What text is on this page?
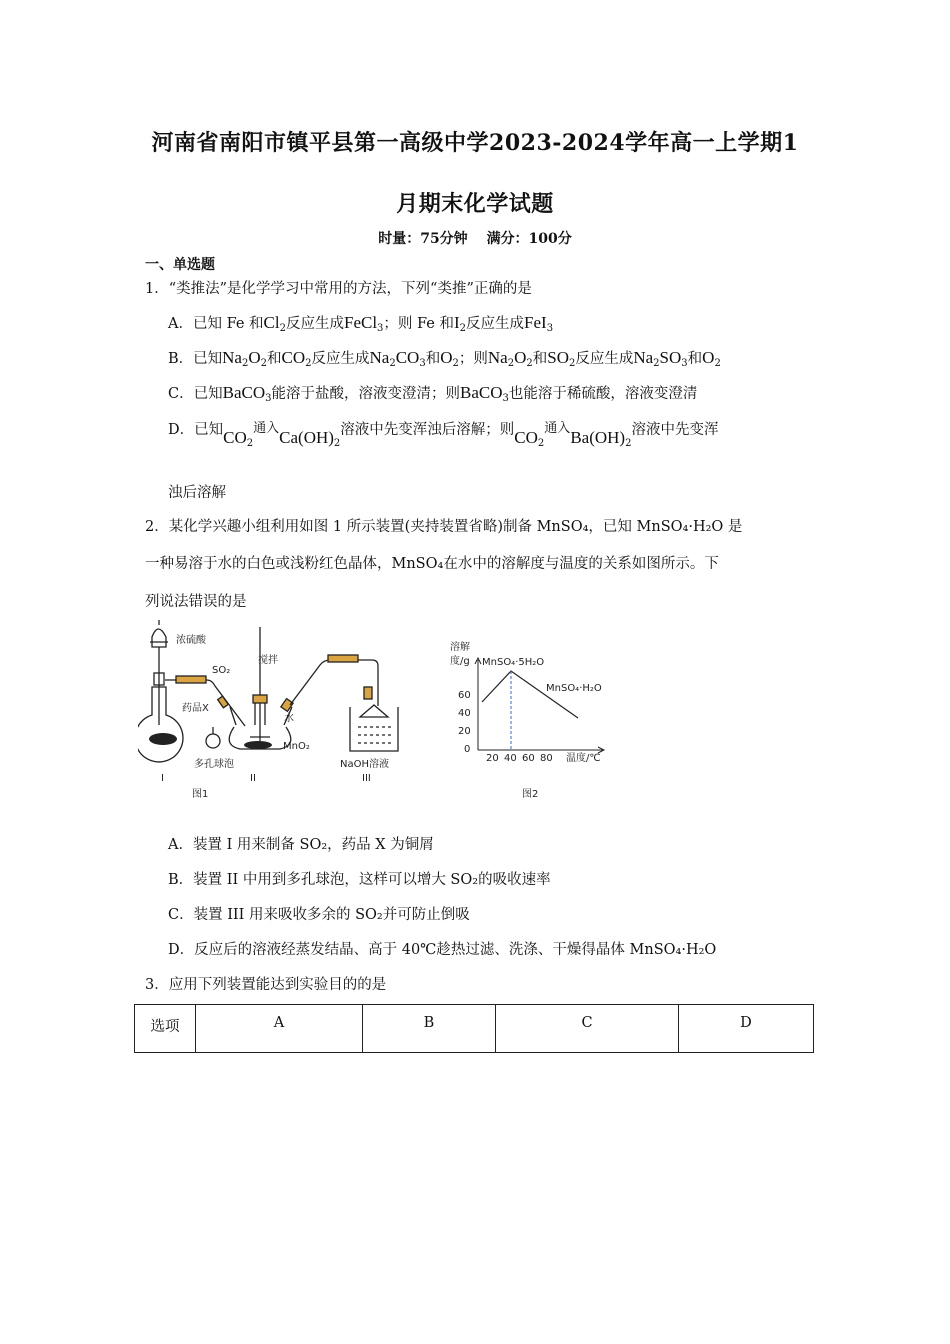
河南省南阳市镇平县第一高级中学2023-2024学年高一上学期1
月期末化学试题
时量：75分钟 满分：100分
一、单选题
1．“类推法”是化学学习中常用的方法，下列“类推”正确的是
A．已知 Fe 和$Cl_2$反应生成FeCl$_3$；则 Fe 和$I_2$反应生成FeI$_3$
B．已知$Na_2O_2$和$CO_2$反应生成$Na_2CO_3$和$O_2$；则$Na_2O_2$和$SO_2$反应生成$Na_2SO_3$和$O_2$
C．已知BaCO$_3$能溶于盐酸，溶液变澄清；则BaCO$_3$也能溶于稀硫酸，溶液变澄清
D．已知$CO_2$通入$Ca(OH)_2$溶液中先变浑浊后溶解；则$CO_2$通入$Ba(OH)_2$溶液中先变浑
浊后溶解
2．某化学兴趣小组利用如图 1 所示装置(夹持装置省略)制备 MnSO₄，已知 MnSO₄·H₂O 是
一种易溶于水的白色或浅粉红色晶体，MnSO₄在水中的溶解度与温度的关系如图所示。下
列说法错误的是
浓硫酸
SO₂
搅拌
药品X
水
MnO₂
多孔球泡	NaOH溶液
I	II	III
图1
溶解
度/g MnSO₄·5H₂O
MnSO₄·H₂O
60
40
20
0
20 40 60 80 温度/℃
图2
A．装置 I 用来制备 SO₂，药品 X 为铜屑
B．装置 II 中用到多孔球泡，这样可以增大 SO₂的吸收速率
C．装置 III 用来吸收多余的 SO₂并可防止倒吸
D．反应后的溶液经蒸发结晶、高于 40℃趁热过滤、洗涤、干燥得晶体 MnSO₄·H₂O
3．应用下列装置能达到实验目的的是
选项	A	B	C	D
